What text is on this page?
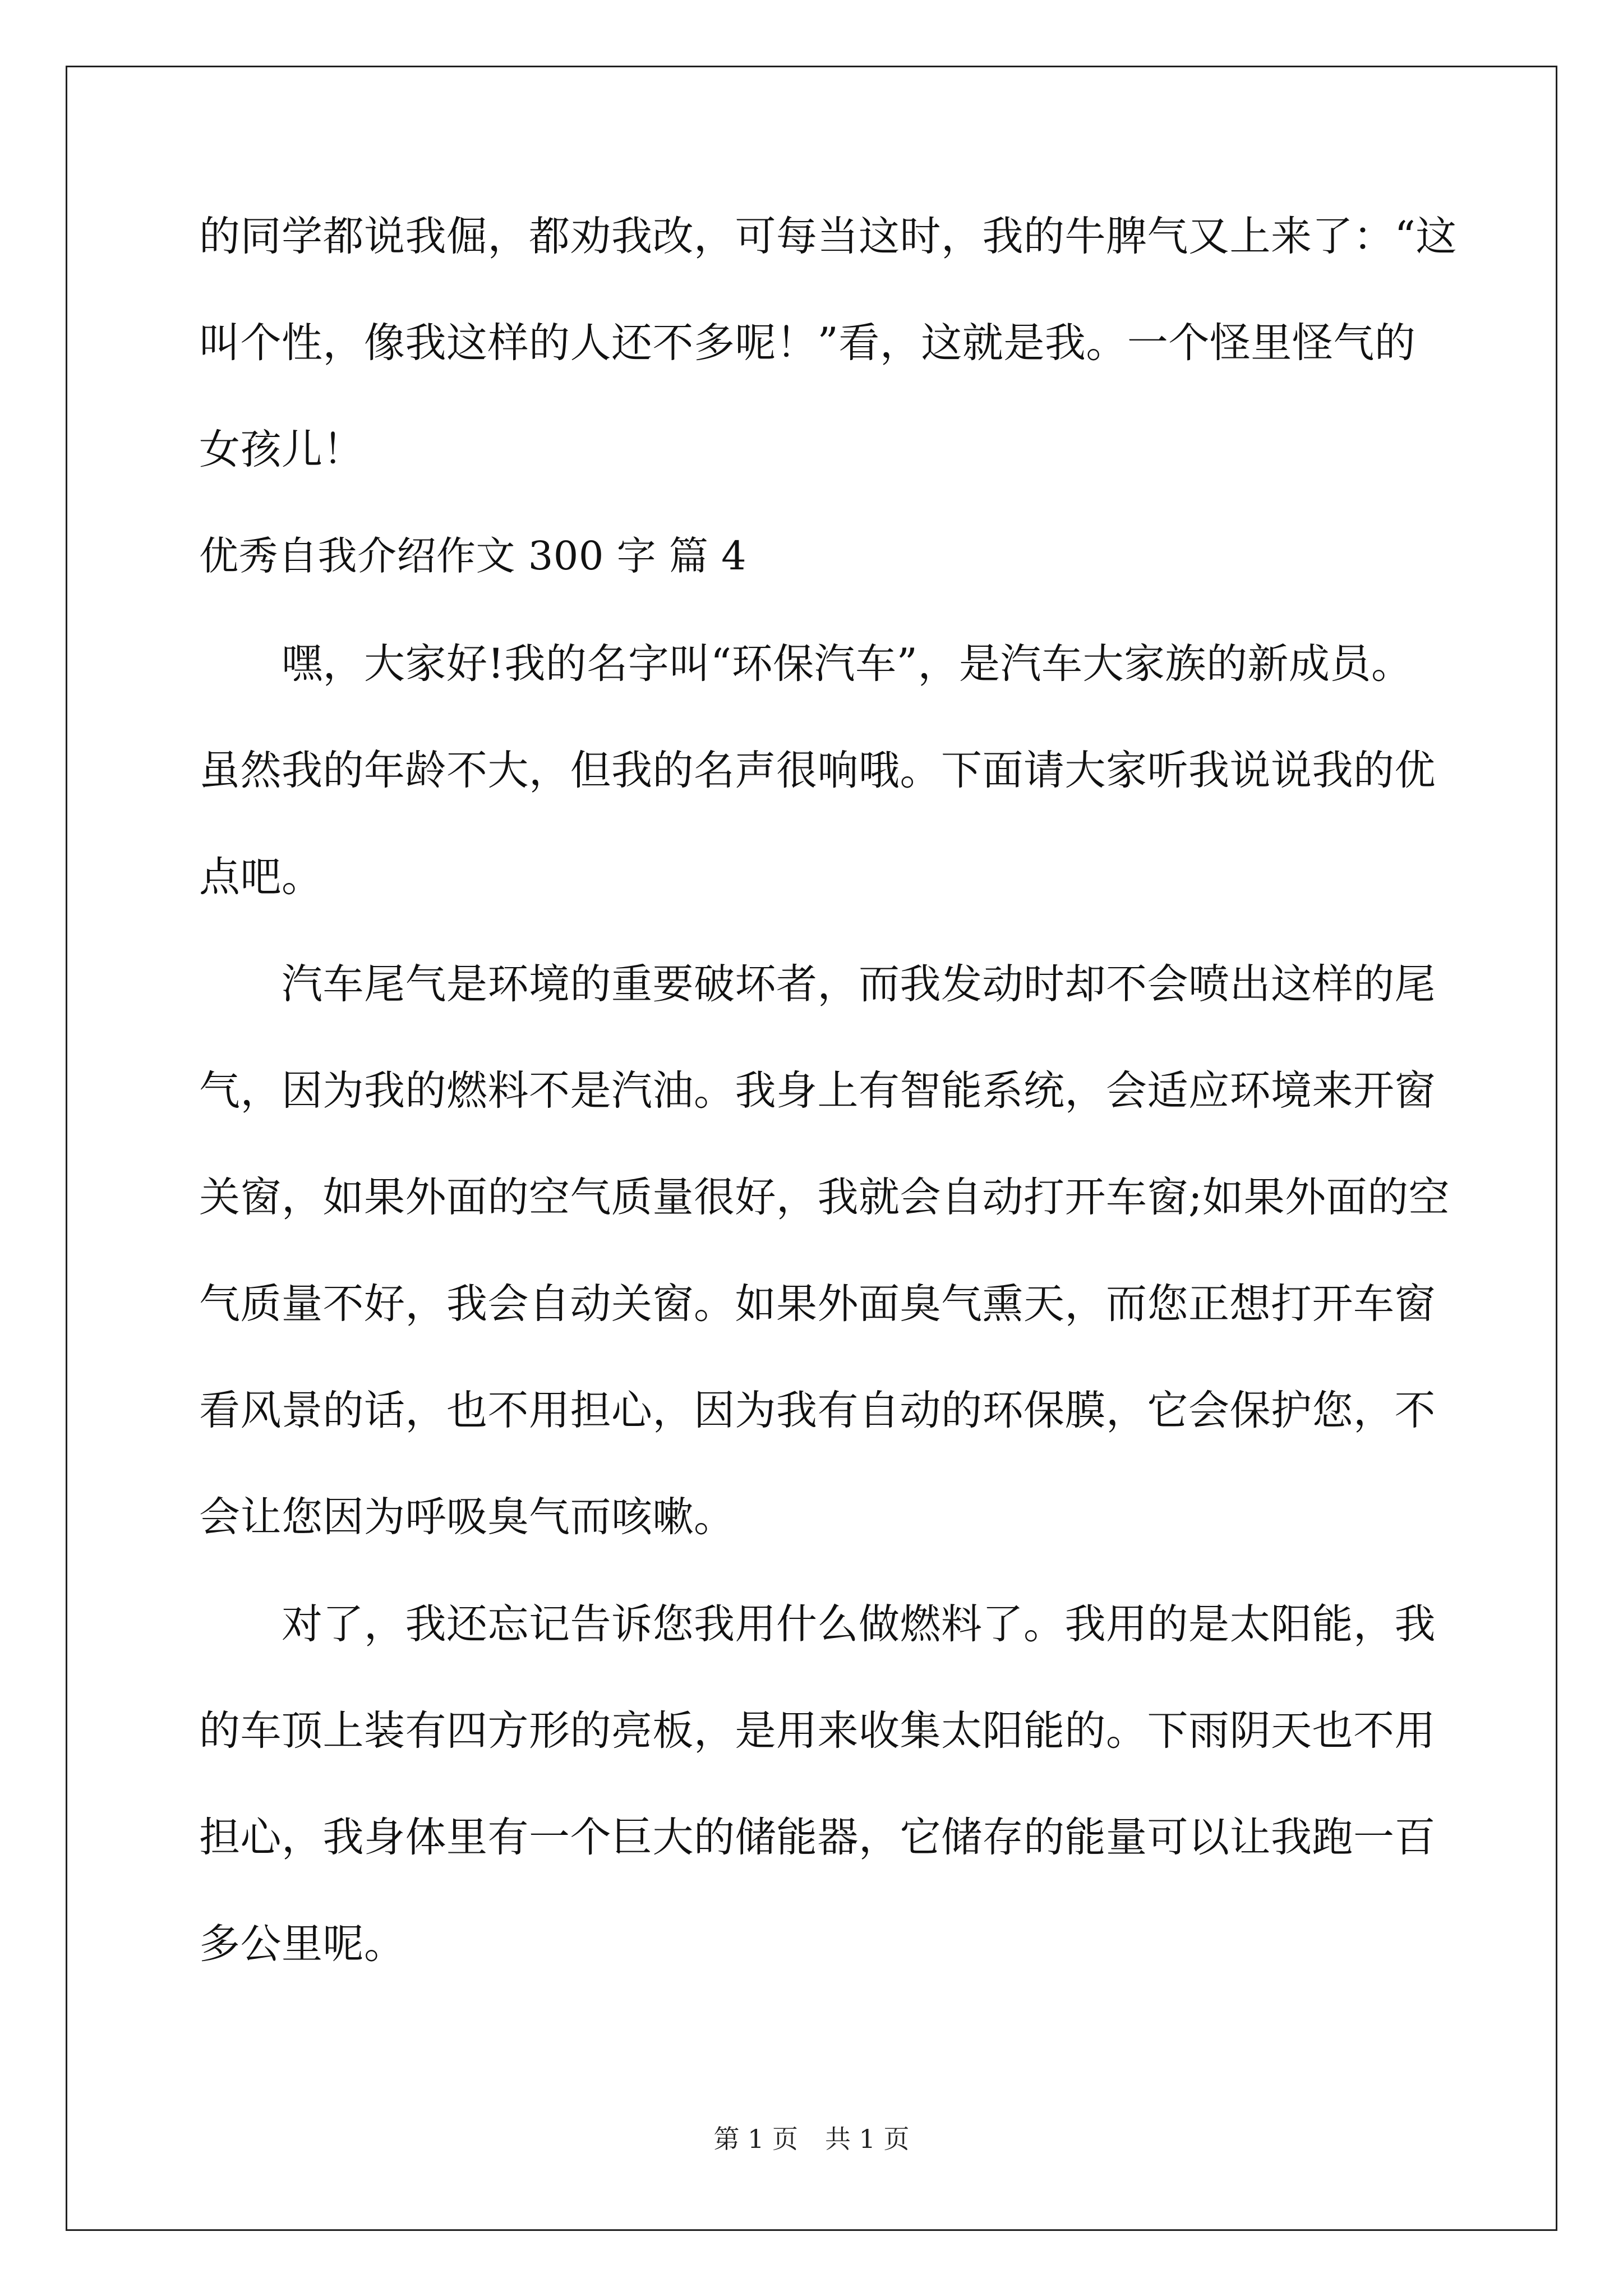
的同学都说我倔，都劝我改，可每当这时，我的牛脾气又上来了：“这
叫个性，像我这样的人还不多呢！”看，这就是我。一个怪里怪气的
女孩儿！
优秀自我介绍作文 300 字 篇 4
　　嘿，大家好!我的名字叫“环保汽车”，是汽车大家族的新成员。
虽然我的年龄不大，但我的名声很响哦。下面请大家听我说说我的优
点吧。
　　汽车尾气是环境的重要破坏者，而我发动时却不会喷出这样的尾
气，因为我的燃料不是汽油。我身上有智能系统，会适应环境来开窗
关窗，如果外面的空气质量很好，我就会自动打开车窗;如果外面的空
气质量不好，我会自动关窗。如果外面臭气熏天，而您正想打开车窗
看风景的话，也不用担心，因为我有自动的环保膜，它会保护您，不
会让您因为呼吸臭气而咳嗽。
　　对了，我还忘记告诉您我用什么做燃料了。我用的是太阳能，我
的车顶上装有四方形的亮板，是用来收集太阳能的。下雨阴天也不用
担心，我身体里有一个巨大的储能器，它储存的能量可以让我跑一百
多公里呢。
第 1 页 共 1 页
